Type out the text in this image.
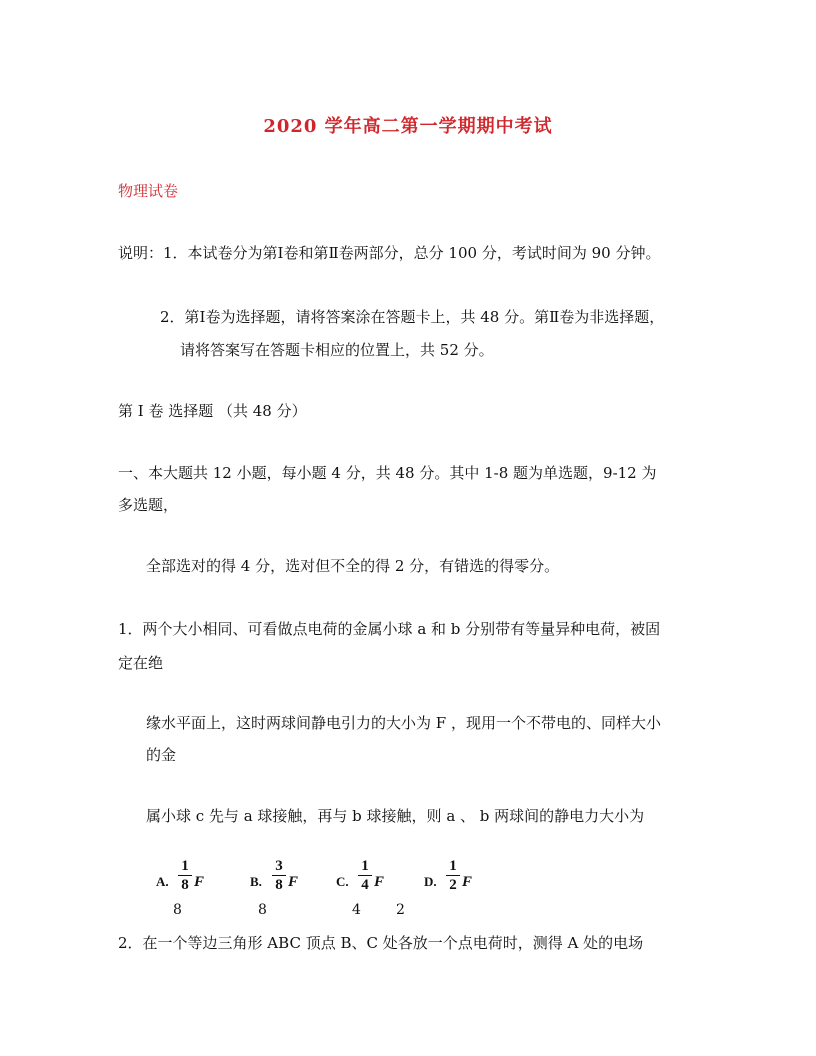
2020 学年高二第一学期期中考试
物理试卷
说明：1．本试卷分为第Ⅰ卷和第Ⅱ卷两部分，总分 100 分，考试时间为 90 分钟。
2．第Ⅰ卷为选择题，请将答案涂在答题卡上，共 48 分。第Ⅱ卷为非选择题，
请将答案写在答题卡相应的位置上，共 52 分。
第 Ⅰ 卷 选择题 （共 48 分）
一、本大题共 12 小题，每小题 4 分，共 48 分。其中 1-8 题为单选题，9-12 为
多选题，
全部选对的得 4 分，选对但不全的得 2 分，有错选的得零分。
1．两个大小相同、可看做点电荷的金属小球 a 和 b 分别带有等量异种电荷，被固
定在绝
缘水平面上，这时两球间静电引力的大小为 F ，现用一个不带电的、同样大小
的金
属小球 c 先与 a 球接触，再与 b 球接触，则 a 、 b 两球间的静电力大小为
A.
1
8 F	B.
3
8 F	C.
1
4 F	D.
1
2 F
8	8	4	2
2．在一个等边三角形 ABC 顶点 B、C 处各放一个点电荷时，测得 A 处的电场
